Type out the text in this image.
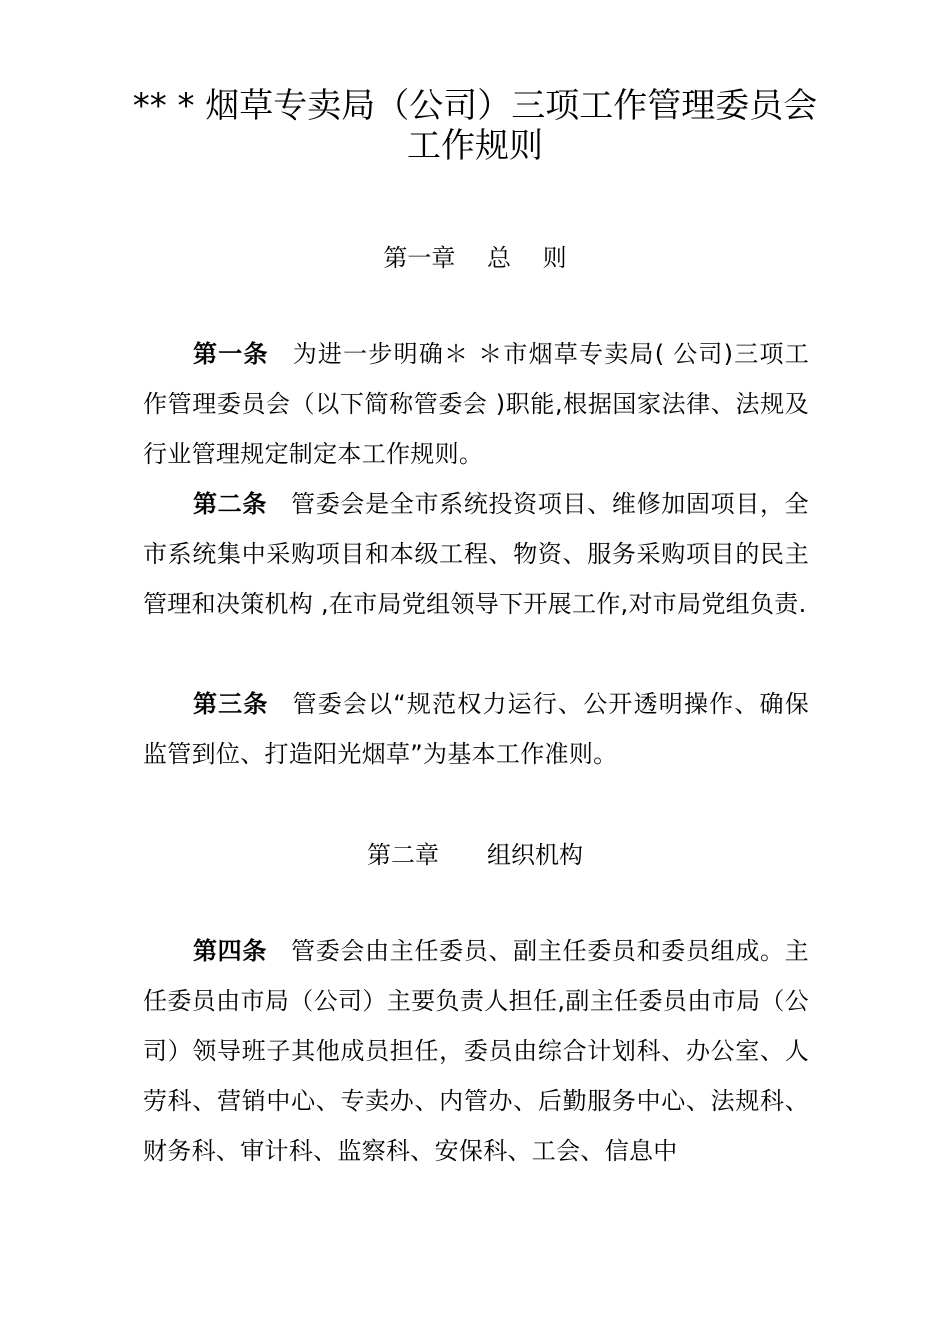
** * 烟草专卖局（公司）三项工作管理委员会工作规则
第一章　 总　 则
第一条 为进一步明确＊ ＊市烟草专卖局( 公司)三项工作管理委员会（以下简称管委会 )职能,根据国家法律、法规及行业管理规定制定本工作规则。
第二条 管委会是全市系统投资项目、维修加固项目，全市系统集中采购项目和本级工程、物资、服务采购项目的民主管理和决策机构 ,在市局党组领导下开展工作,对市局党组负责.
第三条 管委会以“规范权力运行、公开透明操作、确保监管到位、打造阳光烟草”为基本工作准则。
第二章　　组织机构
第四条 管委会由主任委员、副主任委员和委员组成。主任委员由市局（公司）主要负责人担任,副主任委员由市局（公司）领导班子其他成员担任，委员由综合计划科、办公室、人劳科、营销中心、专卖办、内管办、后勤服务中心、法规科、财务科、审计科、监察科、安保科、工会、信息中
